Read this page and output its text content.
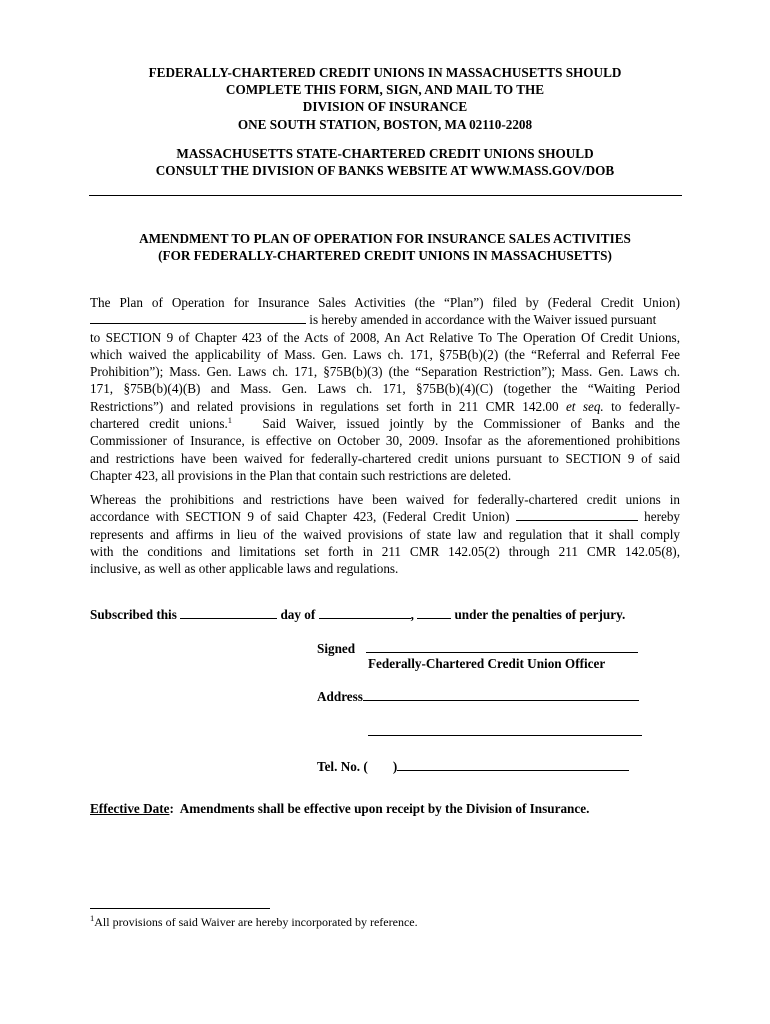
FEDERALLY-CHARTERED CREDIT UNIONS IN MASSACHUSETTS SHOULD
COMPLETE THIS FORM, SIGN, AND MAIL TO THE
DIVISION OF INSURANCE
ONE SOUTH STATION, BOSTON, MA 02110-2208
MASSACHUSETTS STATE-CHARTERED CREDIT UNIONS SHOULD
CONSULT THE DIVISION OF BANKS WEBSITE AT WWW.MASS.GOV/DOB
AMENDMENT TO PLAN OF OPERATION FOR INSURANCE SALES ACTIVITIES
(FOR FEDERALLY-CHARTERED CREDIT UNIONS IN MASSACHUSETTS)
The Plan of Operation for Insurance Sales Activities (the “Plan”) filed by (Federal Credit Union)
is hereby amended in accordance with the Waiver issued pursuant
to SECTION 9 of Chapter 423 of the Acts of 2008, An Act Relative To The Operation Of Credit Unions,
which waived the applicability of Mass. Gen. Laws ch. 171, §75B(b)(2) (the “Referral and Referral Fee
Prohibition”); Mass. Gen. Laws ch. 171, §75B(b)(3) (the “Separation Restriction”); Mass. Gen. Laws ch.
171, §75B(b)(4)(B) and Mass. Gen. Laws ch. 171, §75B(b)(4)(C) (together the “Waiting Period
Restrictions”) and related provisions in regulations set forth in 211 CMR 142.00 et seq. to federally-
chartered credit unions.$^1$ Said Waiver, issued jointly by the Commissioner of Banks and the
Commissioner of Insurance, is effective on October 30, 2009. Insofar as the aforementioned prohibitions
and restrictions have been waived for federally-chartered credit unions pursuant to SECTION 9 of said
Chapter 423, all provisions in the Plan that contain such restrictions are deleted.
Whereas the prohibitions and restrictions have been waived for federally-chartered credit unions in
accordance with SECTION 9 of said Chapter 423, (Federal Credit Union)	hereby
represents and affirms in lieu of the waived provisions of state law and regulation that it shall comply
with the conditions and limitations set forth in 211 CMR 142.05(2) through 211 CMR 142.05(8),
inclusive, as well as other applicable laws and regulations.
Subscribed this	day of	,	under the penalties of perjury.
Signed
Federally-Chartered Credit Union Officer
Address
Tel. No. ( )
Effective Date: Amendments shall be effective upon receipt by the Division of Insurance.
$^1$All provisions of said Waiver are hereby incorporated by reference.
